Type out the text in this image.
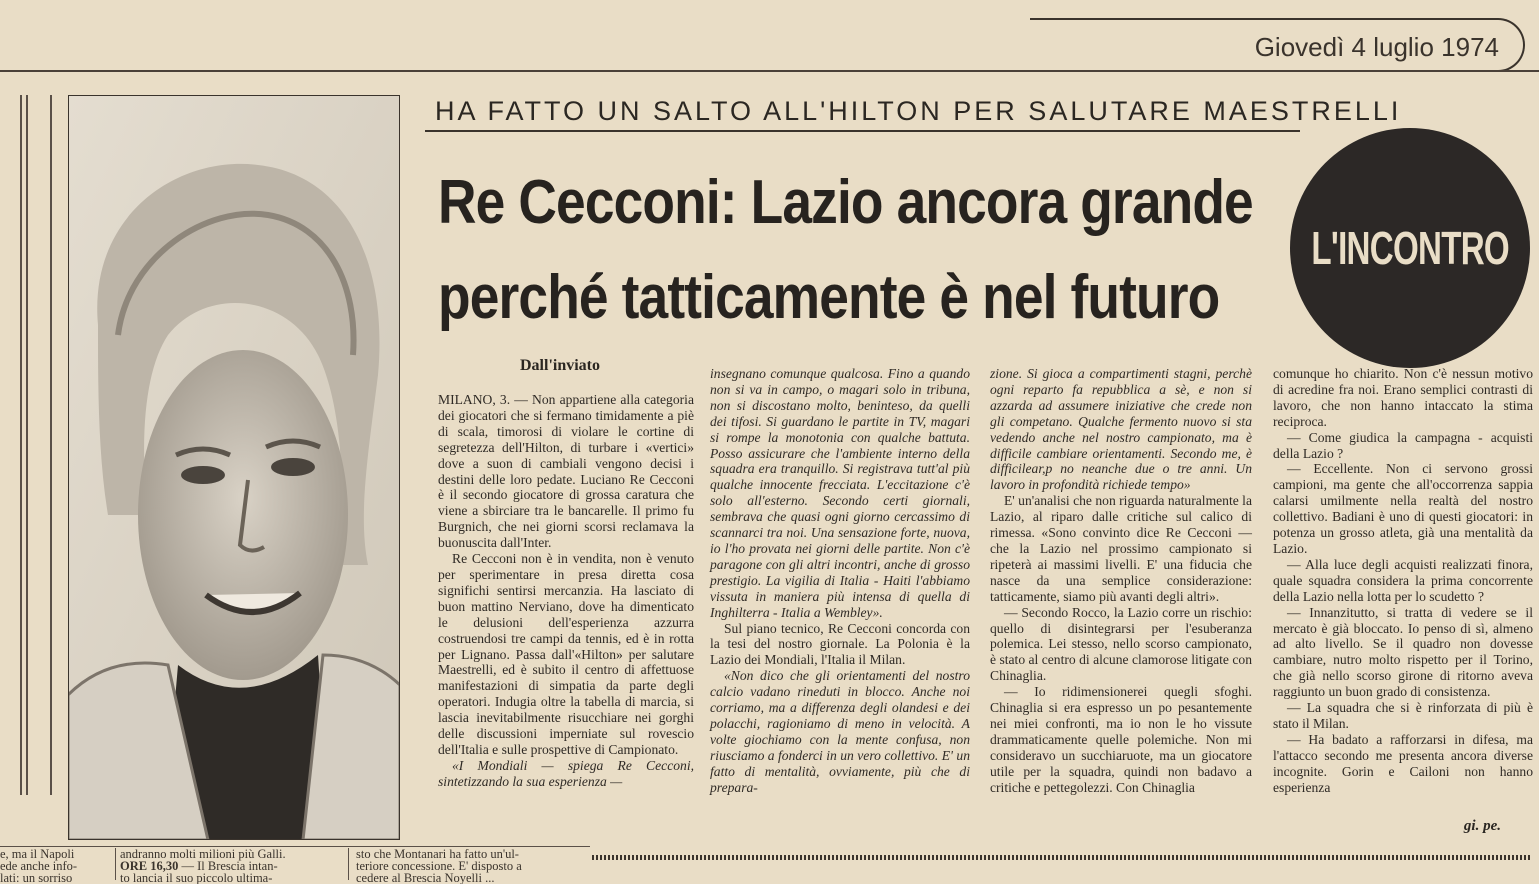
Giovedì 4 luglio 1974
HA FATTO UN SALTO ALL'HILTON PER SALUTARE MAESTRELLI
Re Cecconi: Lazio ancora grande
perché tatticamente è nel futuro
L'INCONTRO
Dall'inviato

MILANO, 3. — Non appartiene alla categoria dei giocatori che si fermano timidamente a piè di scala, timorosi di violare le cortine di segretezza dell'Hilton, di turbare i «vertici» dove a suon di cambiali vengono decisi i destini delle loro pedate. Luciano Re Cecconi è il secondo giocatore di grossa caratura che viene a sbirciare tra le bancarelle. Il primo fu Burgnich, che nei giorni scorsi reclamava la buonuscita dall'Inter.

Re Cecconi non è in vendita, non è venuto per sperimentare in presa diretta cosa significhi sentirsi mercanzia. Ha lasciato di buon mattino Nerviano, dove ha dimenticato le delusioni dell'esperienza azzurra costruendosi tre campi da tennis, ed è in rotta per Lignano. Passa dall'«Hilton» per salutare Maestrelli, ed è subito il centro di affettuose manifestazioni di simpatia da parte degli operatori. Indugia oltre la tabella di marcia, si lascia inevitabilmente risucchiare nei gorghi delle discussioni imperniate sul rovescio dell'Italia e sulle prospettive di Campionato.

«I Mondiali — spiega Re Cecconi, sintetizzando la sua esperienza —

insegnano comunque qualcosa. Fino a quando non si va in campo, o magari solo in tribuna, non si discostano molto, beninteso, da quelli dei tifosi. Si guardano le partite in TV, magari si rompe la monotonia con qualche battuta. Posso assicurare che l'ambiente interno della squadra era tranquillo. Si registrava tutt'al più qualche innocente frecciata. L'eccitazione c'è solo all'esterno. Secondo certi giornali, sembrava che quasi ogni giorno cercassimo di scannarci tra noi. Una sensazione forte, nuova, io l'ho provata nei giorni delle partite. Non c'è paragone con gli altri incontri, anche di grosso prestigio. La vigilia di Italia - Haiti l'abbiamo vissuta in maniera più intensa di quella di Inghilterra - Italia a Wembley».

Sul piano tecnico, Re Cecconi concorda con la tesi del nostro giornale. La Polonia è la Lazio dei Mondiali, l'Italia il Milan.

«Non dico che gli orientamenti del nostro calcio vadano rineduti in blocco. Anche noi corriamo, ma a differenza degli olandesi e dei polacchi, ragioniamo di meno in velocità. A volte giochiamo con la mente confusa, non riusciamo a fonderci in un vero collettivo. E' un fatto di mentalità, ovviamente, più che di prepara-

zione. Si gioca a compartimenti stagni, perchè ogni reparto fa repubblica a sè, e non si azzarda ad assumere iniziative che crede non gli competano. Qualche fermento nuovo si sta vedendo anche nel nostro campionato, ma è difficile cambiare orientamenti. Secondo me, è difficilear,p no neanche due o tre anni. Un lavoro in profondità richiede tempo»

E' un'analisi che non riguarda naturalmente la Lazio, al riparo dalle critiche sul calico di rimessa. «Sono convinto dice Re Cecconi — che la Lazio nel prossimo campionato si ripeterà ai massimi livelli. E' una fiducia che nasce da una semplice considerazione: tatticamente, siamo più avanti degli altri».

— Secondo Rocco, la Lazio corre un rischio: quello di disintegrarsi per l'esuberanza polemica. Lei stesso, nello scorso campionato, è stato al centro di alcune clamorose litigate con Chinaglia.

— Io ridimensionerei quegli sfoghi. Chinaglia si era espresso un po pesantemente nei miei confronti, ma io non le ho vissute drammaticamente quelle polemiche. Non mi consideravo un succhiaruote, ma un giocatore utile per la squadra, quindi non badavo a critiche e pettegolezzi. Con Chinaglia

comunque ho chiarito. Non c'è nessun motivo di acredine fra noi. Erano semplici contrasti di lavoro, che non hanno intaccato la stima reciproca.

— Come giudica la campagna - acquisti della Lazio ?

— Eccellente. Non ci servono grossi campioni, ma gente che all'occorrenza sappia calarsi umilmente nella realtà del nostro collettivo. Badiani è uno di questi giocatori: in potenza un grosso atleta, già una mentalità da Lazio.

— Alla luce degli acquisti realizzati finora, quale squadra considera la prima concorrente della Lazio nella lotta per lo scudetto ?

— Innanzitutto, si tratta di vedere se il mercato è già bloccato. Io penso di sì, almeno ad alto livello. Se il quadro non dovesse cambiare, nutro molto rispetto per il Torino, che già nello scorso girone di ritorno aveva raggiunto un buon grado di consistenza.

— La squadra che si è rinforzata di più è stato il Milan.

— Ha badato a rafforzarsi in difesa, ma l'attacco secondo me presenta ancora diverse incognite. Gorin e Cailoni non hanno esperienza

gi. pe.
e, ma il Napoli
ede anche info-
lati: un sorriso
andranno molti milioni più Galli.
ORE 16,30 — Il Brescia intan-
to lancia il suo piccolo ultima-
sto che Montanari ha fatto un'ul-
teriore concessione. E' disposto a
cedere al Brescia Noyelli ...
